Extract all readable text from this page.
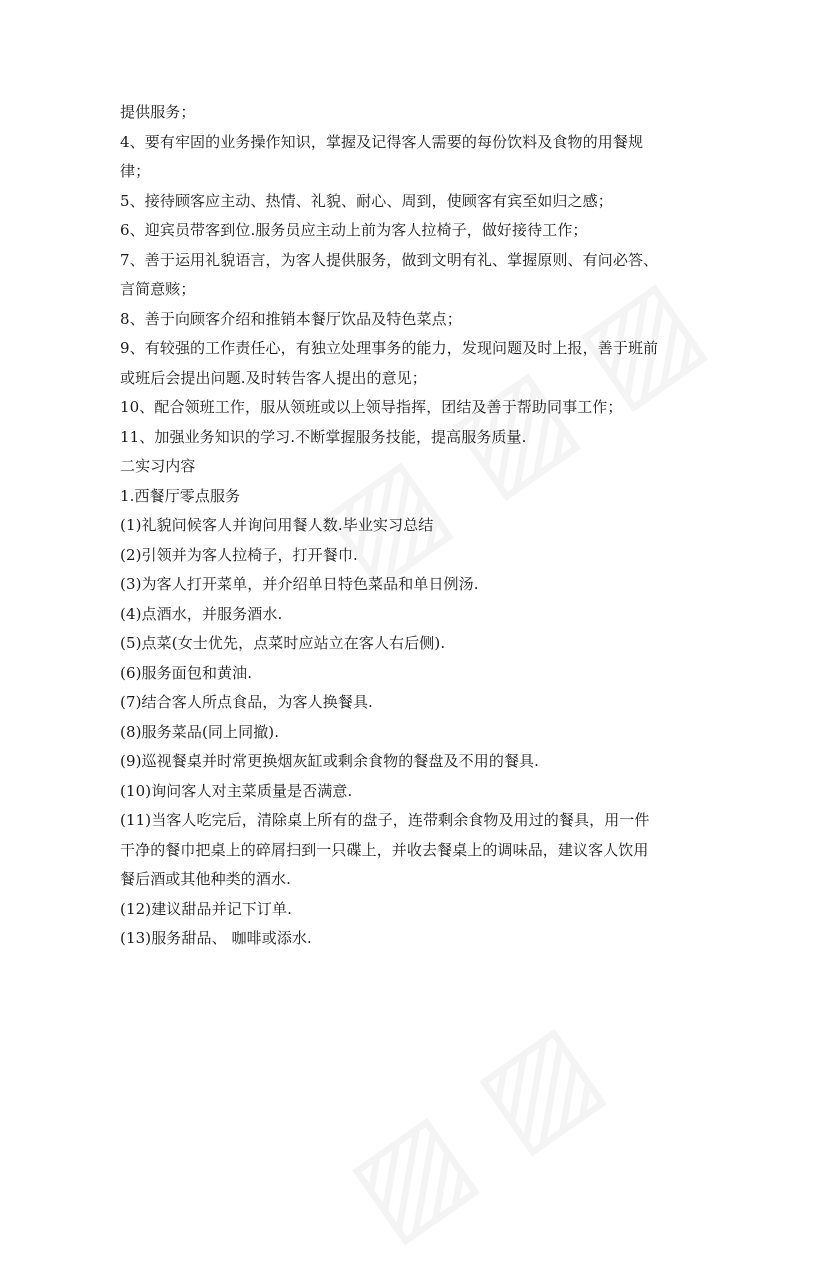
提供服务；
4、要有牢固的业务操作知识，掌握及记得客人需要的每份饮料及食物的用餐规
律；
5、接待顾客应主动、热情、礼貌、耐心、周到，使顾客有宾至如归之感；
6、迎宾员带客到位.服务员应主动上前为客人拉椅子，做好接待工作；
7、善于运用礼貌语言，为客人提供服务，做到文明有礼、掌握原则、有问必答、
言简意赅；
8、善于向顾客介绍和推销本餐厅饮品及特色菜点；
9、有较强的工作责任心，有独立处理事务的能力，发现问题及时上报，善于班前
或班后会提出问题.及时转告客人提出的意见；
10、配合领班工作，服从领班或以上领导指挥，团结及善于帮助同事工作；
11、加强业务知识的学习.不断掌握服务技能，提高服务质量.
二实习内容
1.西餐厅零点服务
(1)礼貌问候客人并询问用餐人数.毕业实习总结
(2)引领并为客人拉椅子，打开餐巾.
(3)为客人打开菜单，并介绍单日特色菜品和单日例汤.
(4)点酒水，并服务酒水.
(5)点菜(女士优先，点菜时应站立在客人右后侧).
(6)服务面包和黄油.
(7)结合客人所点食品，为客人换餐具.
(8)服务菜品(同上同撤).
(9)巡视餐桌并时常更换烟灰缸或剩余食物的餐盘及不用的餐具.
(10)询问客人对主菜质量是否满意.
(11)当客人吃完后，清除桌上所有的盘子，连带剩余食物及用过的餐具，用一件
干净的餐巾把桌上的碎屑扫到一只碟上，并收去餐桌上的调味品，建议客人饮用
餐后酒或其他种类的酒水.
(12)建议甜品并记下订单.
(13)服务甜品、 咖啡或添水.
